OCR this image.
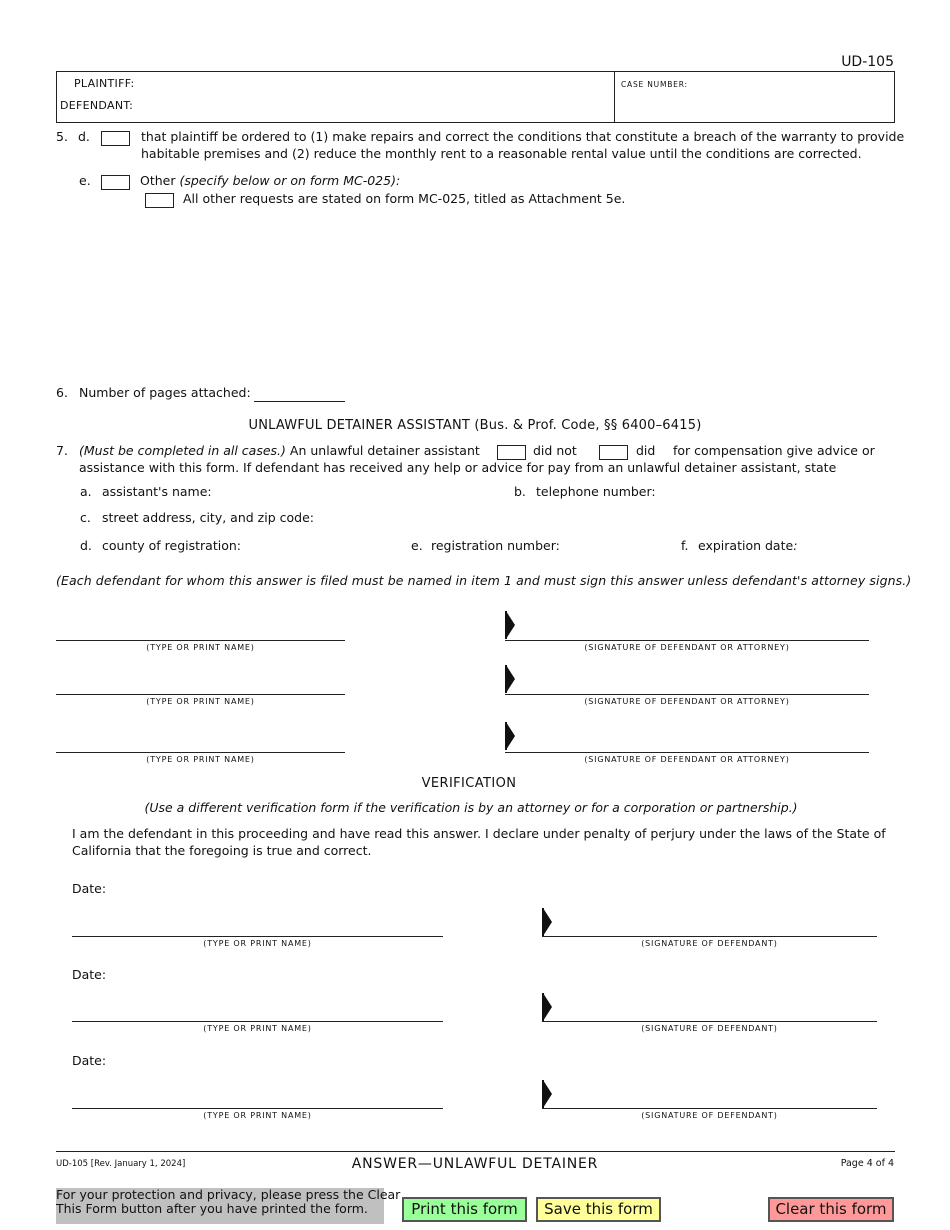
UD-105
PLAINTIFF:
DEFENDANT:
CASE NUMBER:
5. d.	that plaintiff be ordered to (1) make repairs and correct the conditions that constitute a breach of the warranty to provide
habitable premises and (2) reduce the monthly rent to a reasonable rental value until the conditions are corrected.
e.	Other (specify below or on form MC-025):
All other requests are stated on form MC-025, titled as Attachment 5e.
6. Number of pages attached:
UNLAWFUL DETAINER ASSISTANT (Bus. & Prof. Code, §§ 6400–6415)
7. (Must be completed in all cases.) An unlawful detainer assistant	did not	did for compensation give advice or
assistance with this form. If defendant has received any help or advice for pay from an unlawful detainer assistant, state
a. assistant's name:	b. telephone number:
c. street address, city, and zip code:
d. county of registration:	e. registration number:	f. expiration date:
(Each defendant for whom this answer is filed must be named in item 1 and must sign this answer unless defendant's attorney signs.)
(TYPE OR PRINT NAME)	(SIGNATURE OF DEFENDANT OR ATTORNEY)
(TYPE OR PRINT NAME)	(SIGNATURE OF DEFENDANT OR ATTORNEY)
(TYPE OR PRINT NAME)	(SIGNATURE OF DEFENDANT OR ATTORNEY)
VERIFICATION
(Use a different verification form if the verification is by an attorney or for a corporation or partnership.)
I am the defendant in this proceeding and have read this answer. I declare under penalty of perjury under the laws of the State of
California that the foregoing is true and correct.
Date:
(TYPE OR PRINT NAME)	(SIGNATURE OF DEFENDANT)
Date:
(TYPE OR PRINT NAME)	(SIGNATURE OF DEFENDANT)
Date:
(TYPE OR PRINT NAME)	(SIGNATURE OF DEFENDANT)
UD-105 [Rev. January 1, 2024]	ANSWER—UNLAWFUL DETAINER	Page 4 of 4
For your protection and privacy, please press the Clear
This Form button after you have printed the form.	Print this form	Save this form	Clear this form
